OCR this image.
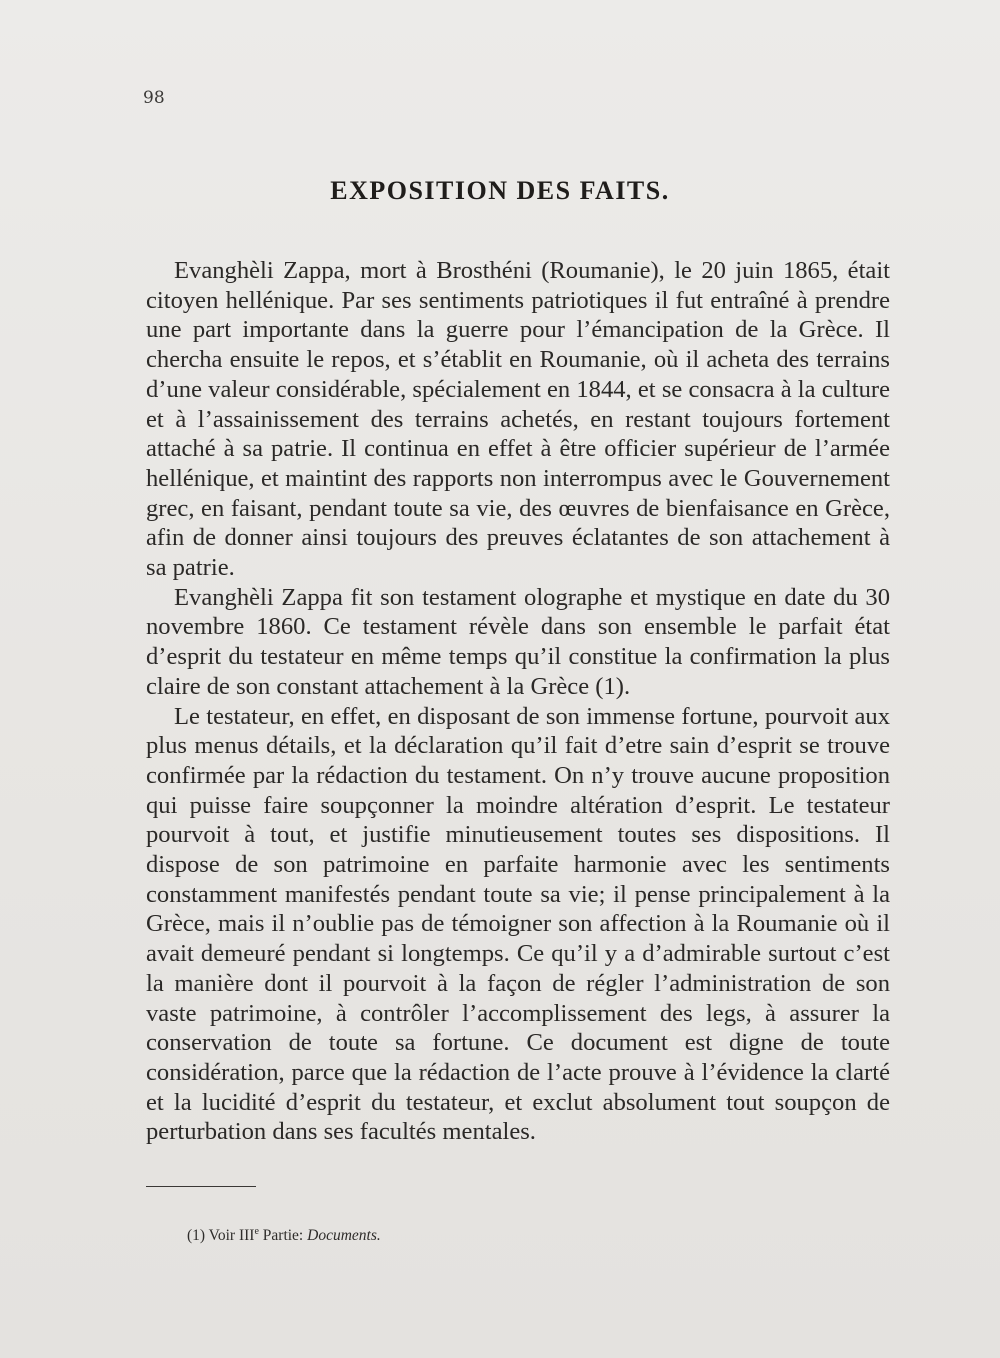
98
EXPOSITION DES FAITS.

Evanghèli Zappa, mort à Brosthéni (Roumanie), le 20 juin 1865, était citoyen hellénique. Par ses sentiments patriotiques il fut entraîné à prendre une part importante dans la guerre pour l’émancipation de la Grèce. Il chercha ensuite le repos, et s’établit en Roumanie, où il acheta des terrains d’une valeur considérable, spécialement en 1844, et se consacra à la culture et à l’assainissement des terrains achetés, en restant toujours fortement attaché à sa patrie. Il continua en effet à être officier supérieur de l’armée hellénique, et maintint des rapports non interrompus avec le Gouvernement grec, en faisant, pendant toute sa vie, des œuvres de bienfaisance en Grèce, afin de donner ainsi toujours des preuves éclatantes de son attachement à sa patrie.

Evanghèli Zappa fit son testament olographe et mystique en date du 30 novembre 1860. Ce testament révèle dans son ensemble le parfait état d’esprit du testateur en même temps qu’il constitue la confirmation la plus claire de son constant attachement à la Grèce (1).

Le testateur, en effet, en disposant de son immense fortune, pourvoit aux plus menus détails, et la déclaration qu’il fait d’etre sain d’esprit se trouve confirmée par la rédaction du testament. On n’y trouve aucune proposition qui puisse faire soupçonner la moindre altération d’esprit. Le testateur pourvoit à tout, et justifie minutieusement toutes ses dispositions. Il dispose de son patrimoine en parfaite harmonie avec les sentiments constamment manifestés pendant toute sa vie; il pense principalement à la Grèce, mais il n’oublie pas de témoigner son affection à la Roumanie où il avait demeuré pendant si longtemps. Ce qu’il y a d’admirable surtout c’est la manière dont il pourvoit à la façon de régler l’administration de son vaste patrimoine, à contrôler l’accomplissement des legs, à assurer la conservation de toute sa fortune. Ce document est digne de toute considération, parce que la rédaction de l’acte prouve à l’évidence la clarté et la lucidité d’esprit du testateur, et exclut absolument tout soupçon de perturbation dans ses facultés mentales.

(1) Voir IIIe Partie: Documents.
